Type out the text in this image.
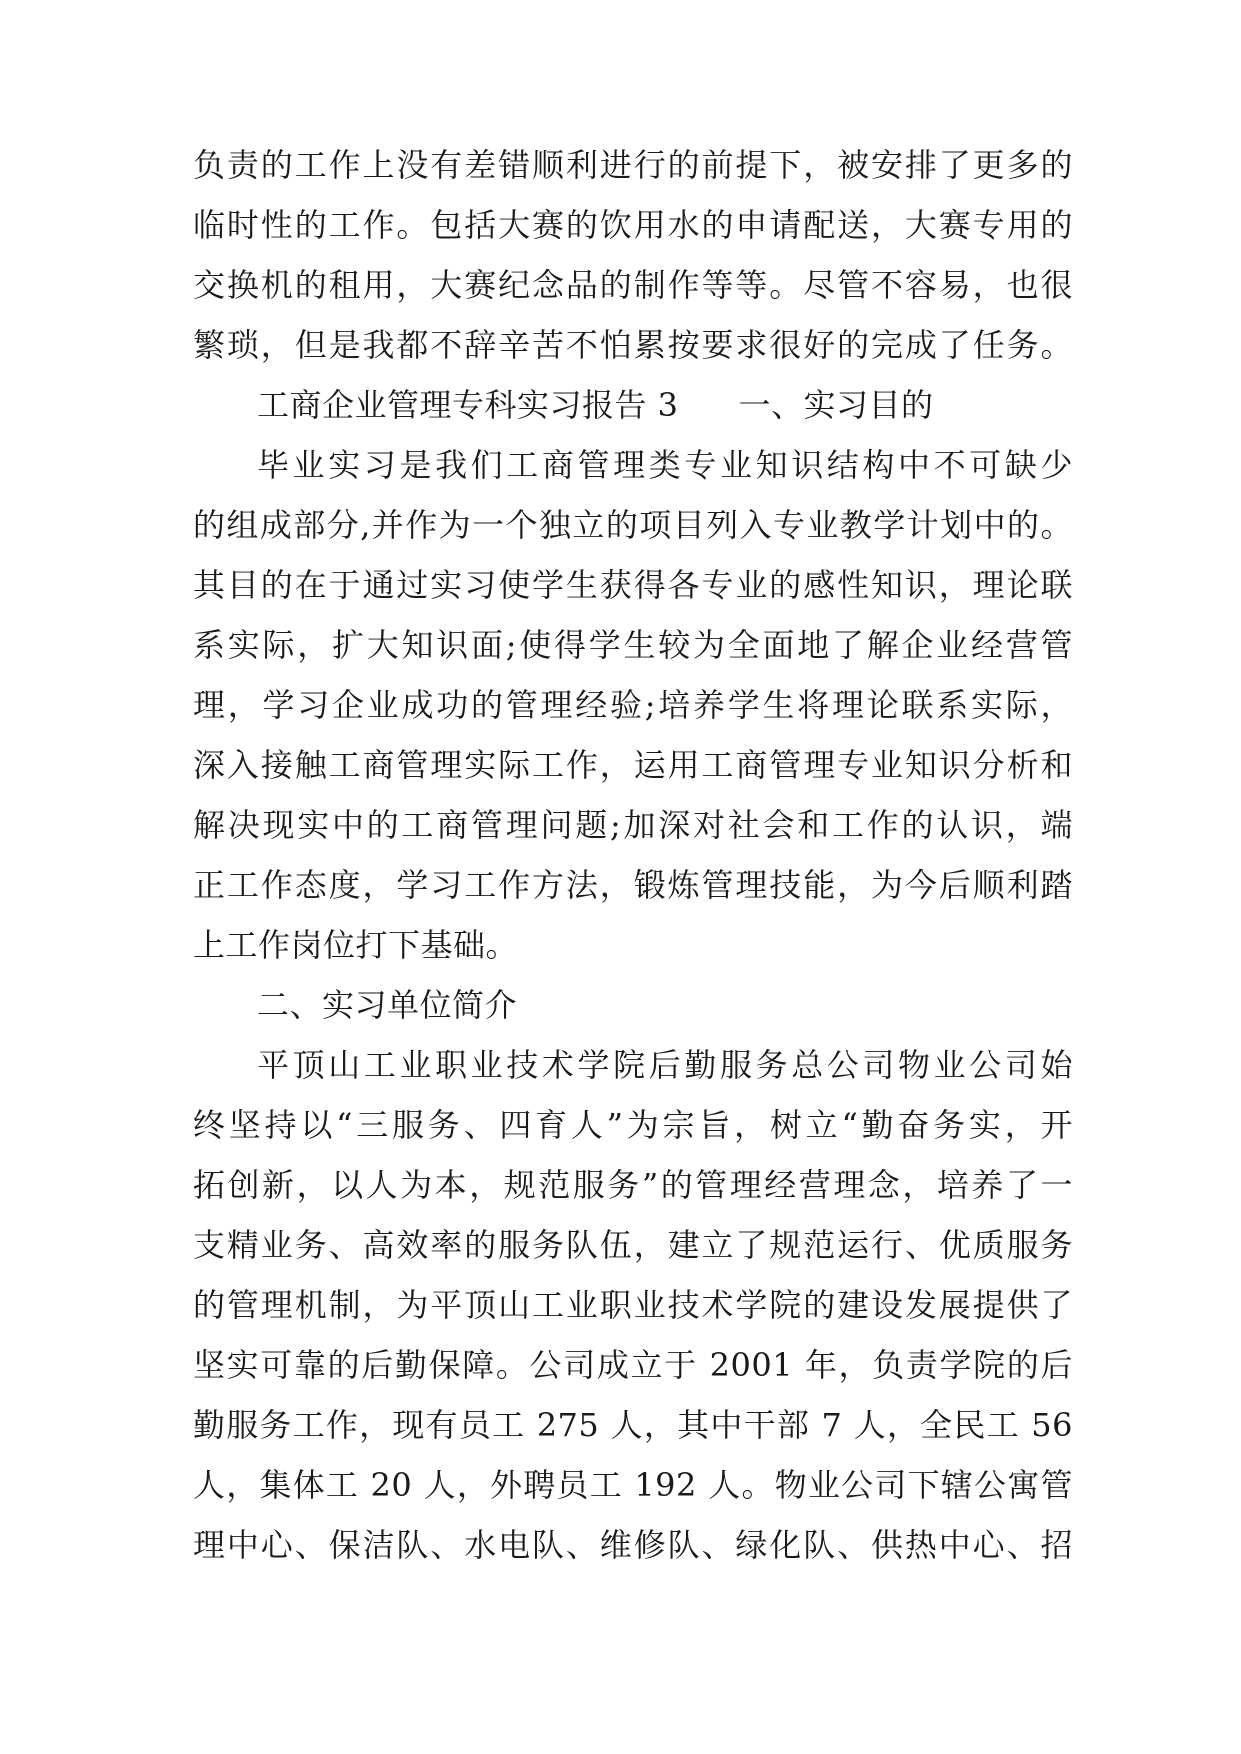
负责的工作上没有差错顺利进行的前提下，被安排了更多的
临时性的工作。包括大赛的饮用水的申请配送，大赛专用的
交换机的租用，大赛纪念品的制作等等。尽管不容易，也很
繁琐，但是我都不辞辛苦不怕累按要求很好的完成了任务。
工商企业管理专科实习报告 3 一、实习目的
毕业实习是我们工商管理类专业知识结构中不可缺少
的组成部分,并作为一个独立的项目列入专业教学计划中的。
其目的在于通过实习使学生获得各专业的感性知识，理论联
系实际，扩大知识面;使得学生较为全面地了解企业经营管
理，学习企业成功的管理经验;培养学生将理论联系实际，
深入接触工商管理实际工作，运用工商管理专业知识分析和
解决现实中的工商管理问题;加深对社会和工作的认识，端
正工作态度，学习工作方法，锻炼管理技能，为今后顺利踏
上工作岗位打下基础。
二、实习单位简介
平顶山工业职业技术学院后勤服务总公司物业公司始
终坚持以“三服务、四育人”为宗旨，树立“勤奋务实，开
拓创新，以人为本，规范服务”的管理经营理念，培养了一
支精业务、高效率的服务队伍，建立了规范运行、优质服务
的管理机制，为平顶山工业职业技术学院的建设发展提供了
坚实可靠的后勤保障。公司成立于 2001 年，负责学院的后
勤服务工作，现有员工 275 人，其中干部 7 人，全民工 56
人，集体工 20 人，外聘员工 192 人。物业公司下辖公寓管
理中心、保洁队、水电队、维修队、绿化队、供热中心、招
